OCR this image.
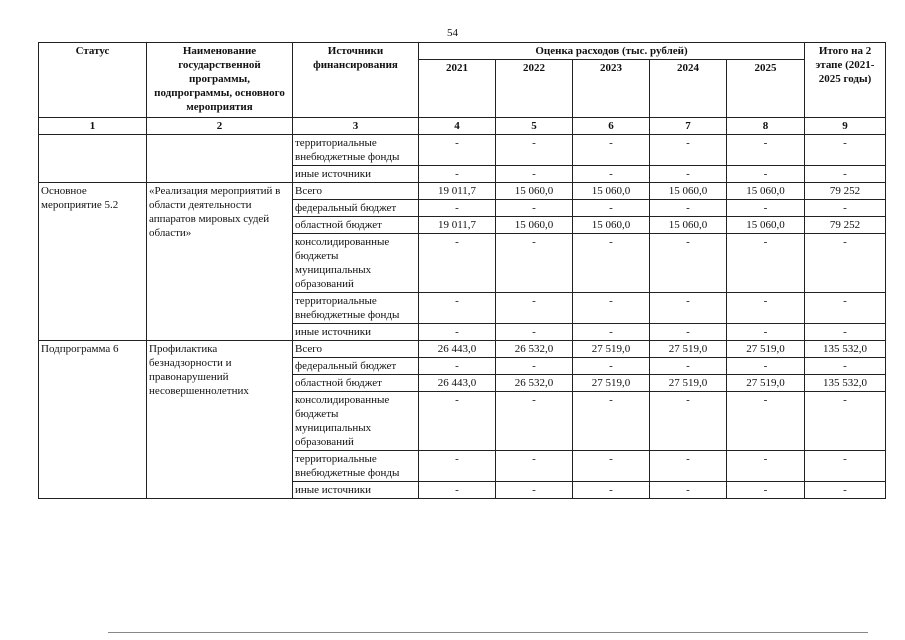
54
Статус	Наименование государственной программы, подпрограммы, основного мероприятия	Источники финансирования	Оценка расходов (тыс. рублей)					Итого на 2 этапе (2021-2025 годы)
			2021	2022	2023	2024	2025	
1	2	3	4	5	6	7	8	9
		территориальные внебюджетные фонды	-	-	-	-	-	-
		иные источники	-	-	-	-	-	-
Основное мероприятие 5.2	«Реализация мероприятий в области деятельности аппаратов мировых судей области»	Всего	19 011,7	15 060,0	15 060,0	15 060,0	15 060,0	79 252
		федеральный бюджет	-	-	-	-	-	-
		областной бюджет	19 011,7	15 060,0	15 060,0	15 060,0	15 060,0	79 252
		консолидированные бюджеты муниципальных образований	-	-	-	-	-	-
		территориальные внебюджетные фонды	-	-	-	-	-	-
		иные источники	-	-	-	-	-	-
Подпрограмма 6	Профилактика безнадзорности и правонарушений несовершеннолетних	Всего	26 443,0	26 532,0	27 519,0	27 519,0	27 519,0	135 532,0
		федеральный бюджет	-	-	-	-	-	-
		областной бюджет	26 443,0	26 532,0	27 519,0	27 519,0	27 519,0	135 532,0
		консолидированные бюджеты муниципальных образований	-	-	-	-	-	-
		территориальные внебюджетные фонды	-	-	-	-	-	-
		иные источники	-	-	-	-	-	-
